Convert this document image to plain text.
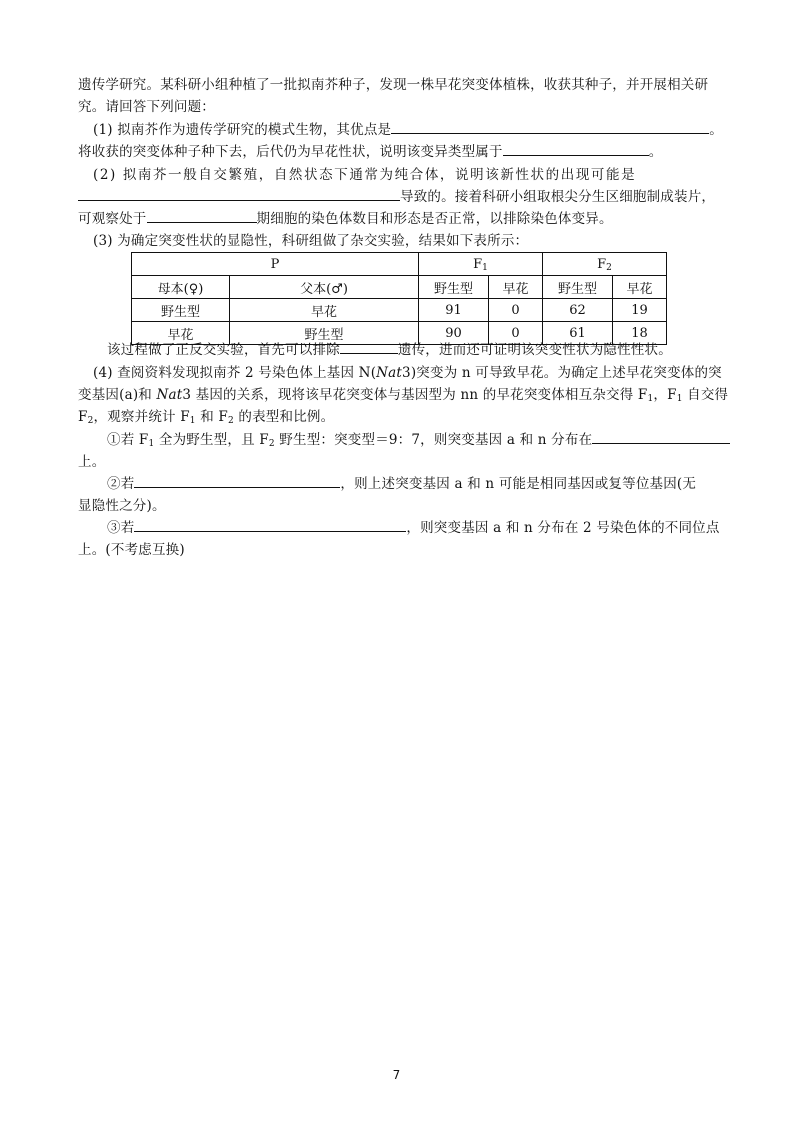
遗传学研究。某科研小组种植了一批拟南芥种子，发现一株早花突变体植株，收获其种子，并开展相关研
究。请回答下列问题：
(1) 拟南芥作为遗传学研究的模式生物，其优点是	。
将收获的突变体种子种下去，后代仍为早花性状，说明该变异类型属于	。
(2) 拟南芥一般自交繁殖，自然状态下通常为纯合体，说明该新性状的出现可能是
导致的。接着科研小组取根尖分生区细胞制成装片，
可观察处于	期细胞的染色体数目和形态是否正常，以排除染色体变异。
(3) 为确定突变性状的显隐性，科研组做了杂交实验，结果如下表所示：
P		$F_1$		$F_2$
母本(♀)	父本(♂)	野生型	早花	野生型	早花
野生型	早花	91	0	62	19
早花	野生型	90	0	61	18
该过程做了正反交实验，首先可以排除	遗传，进而还可证明该突变性状为隐性性状。
(4) 查阅资料发现拟南芥 2 号染色体上基因 N(Nat3)突变为 n 可导致早花。为确定上述早花突变体的突
变基因(a)和 Nat3 基因的关系，现将该早花突变体与基因型为 nn 的早花突变体相互杂交得 $F_1$，$F_1$ 自交得
$F_2$，观察并统计 $F_1$ 和 $F_2$ 的表型和比例。
①若 $F_1$ 全为野生型，且 $F_2$ 野生型：突变型＝9：7，则突变基因 a 和 n 分布在
上。
②若	，则上述突变基因 a 和 n 可能是相同基因或复等位基因(无
显隐性之分)。
③若	，则突变基因 a 和 n 分布在 2 号染色体的不同位点
上。(不考虑互换)
7
